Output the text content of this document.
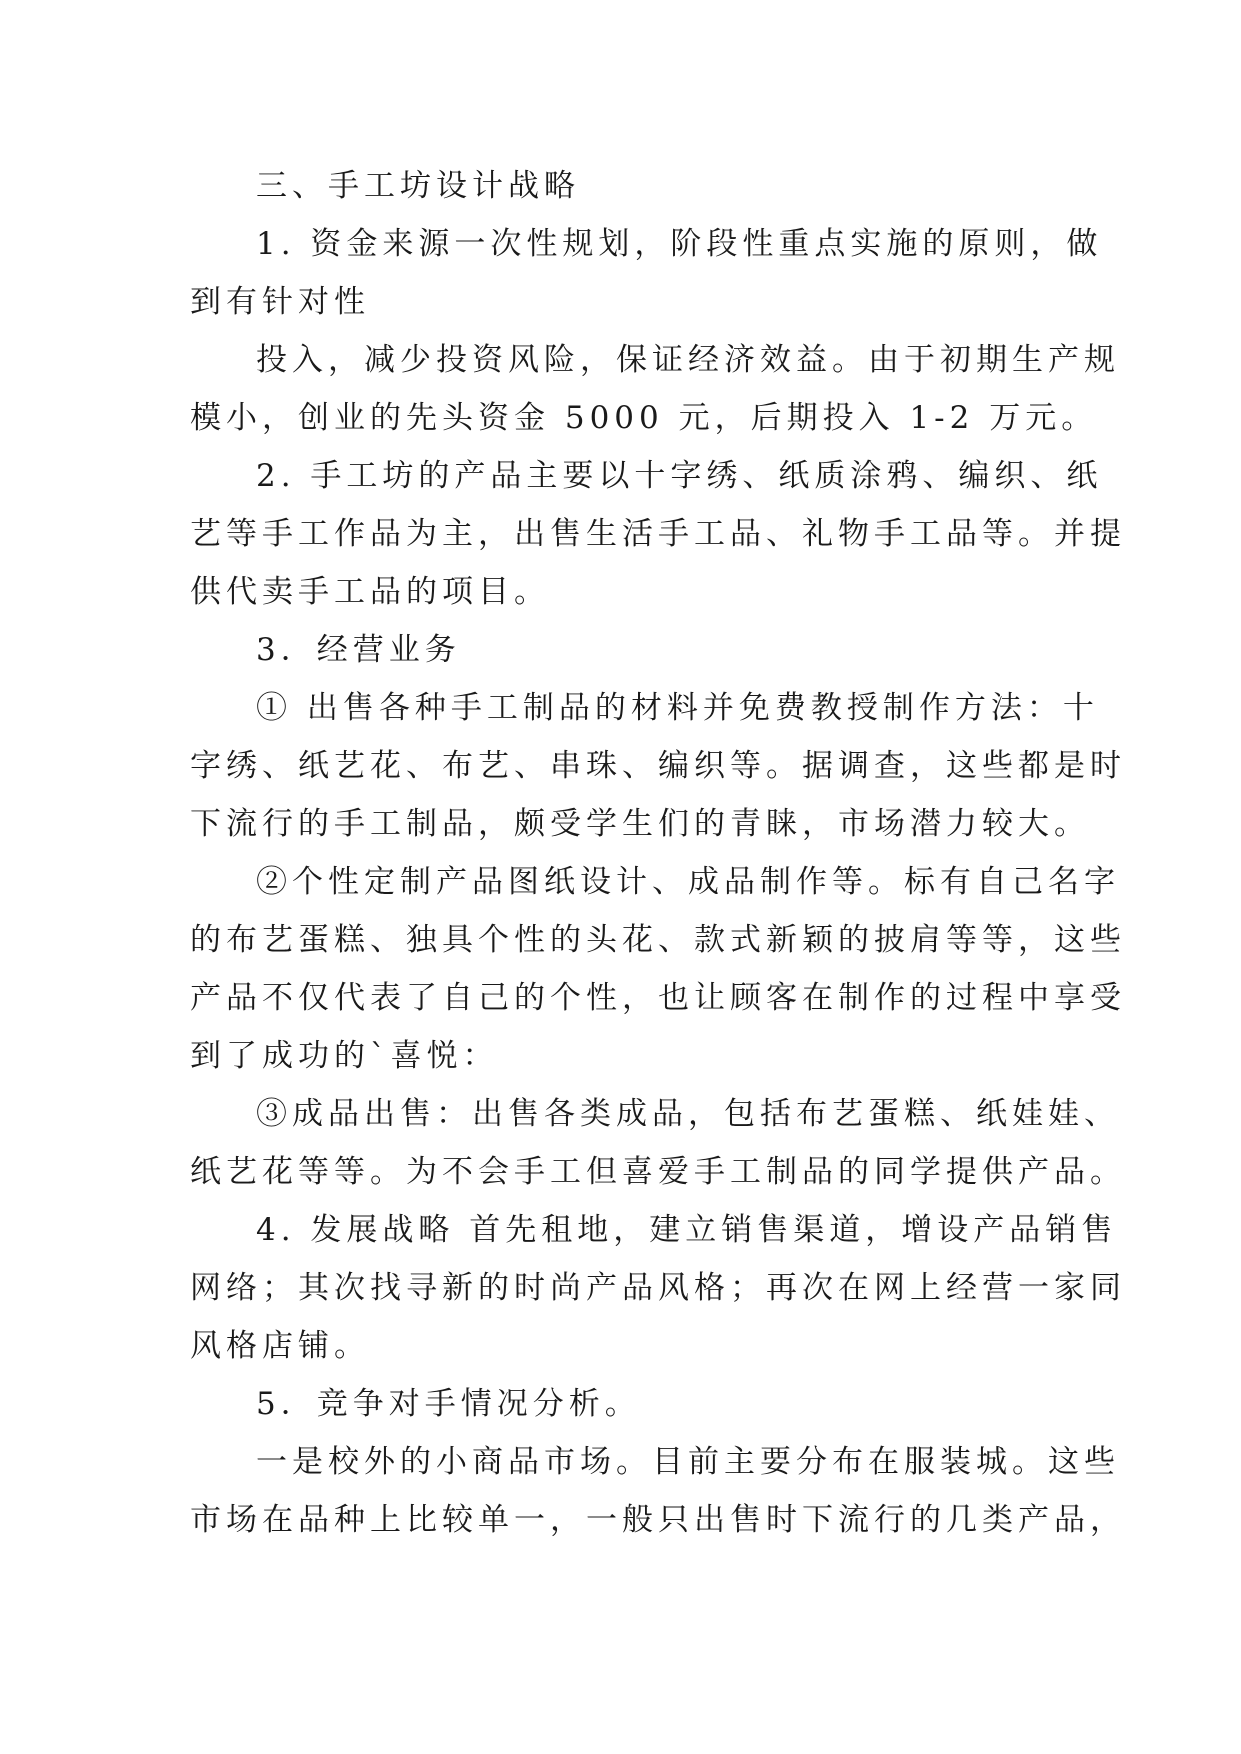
三、手工坊设计战略
1. 资金来源一次性规划，阶段性重点实施的原则，做
到有针对性
投入，减少投资风险，保证经济效益。由于初期生产规
模小，创业的先头资金 5000 元，后期投入 1-2 万元。
2. 手工坊的产品主要以十字绣、纸质涂鸦、编织、纸
艺等手工作品为主，出售生活手工品、礼物手工品等。并提
供代卖手工品的项目。
3．经营业务
① 出售各种手工制品的材料并免费教授制作方法：十
字绣、纸艺花、布艺、串珠、编织等。据调查，这些都是时
下流行的手工制品，颇受学生们的青睐，市场潜力较大。
②个性定制产品图纸设计、成品制作等。标有自己名字
的布艺蛋糕、独具个性的头花、款式新颖的披肩等等，这些
产品不仅代表了自己的个性，也让顾客在制作的过程中享受
到了成功的`喜悦：
③成品出售：出售各类成品，包括布艺蛋糕、纸娃娃、
纸艺花等等。为不会手工但喜爱手工制品的同学提供产品。
4. 发展战略 首先租地，建立销售渠道，增设产品销售
网络；其次找寻新的时尚产品风格；再次在网上经营一家同
风格店铺。
5．竞争对手情况分析。
一是校外的小商品市场。目前主要分布在服装城。这些
市场在品种上比较单一，一般只出售时下流行的几类产品，
